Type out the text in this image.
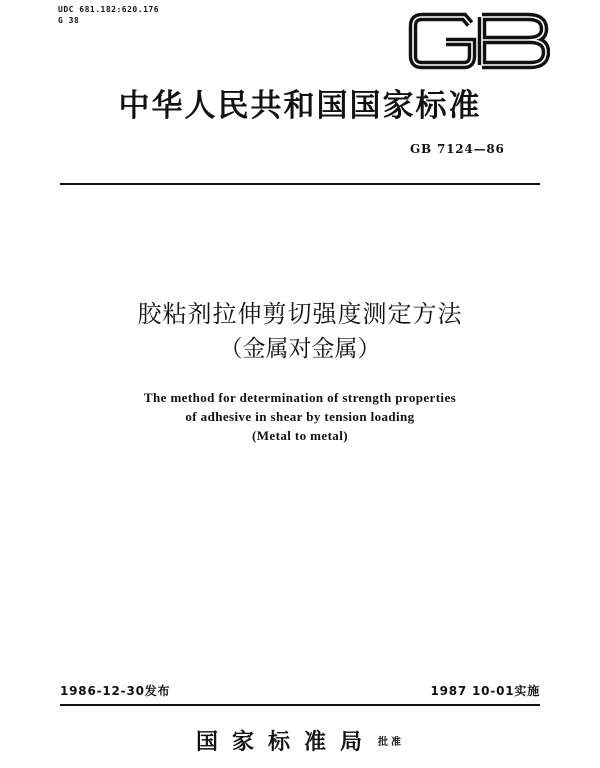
UDC 681.182:620.176
G 38
中华人民共和国国家标准
GB 7124—86
胶粘剂拉伸剪切强度测定方法
（金属对金属）
The method for determination of strength properties
of adhesive in shear by tension loading
(Metal to metal)
1986-12-30发布	1987 10-01实施
国家标准局 批准
